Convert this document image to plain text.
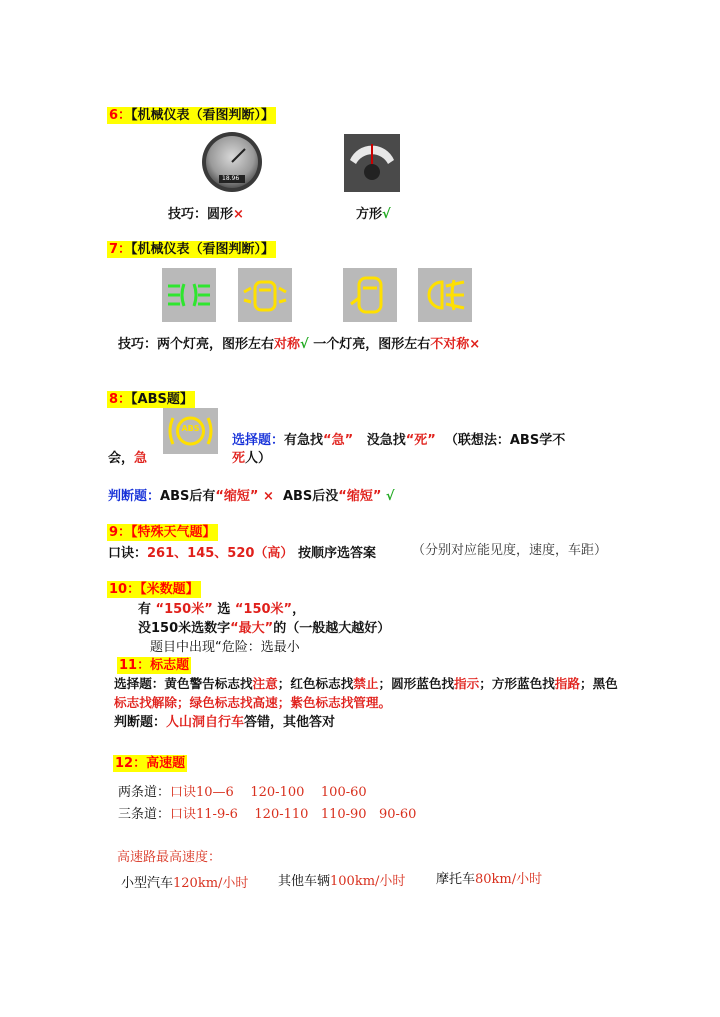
6：【机械仪表（看图判断）】
18.96
技巧：圆形×	方形√
7：【机械仪表（看图判断）】
技巧：两个灯亮，图形左右对称√ 一个灯亮，图形左右不对称×
8：【ABS题】
ABS
选择题：有急找“急” 没急找“死” （联想法：ABS学不
会，急	死人）
判断题：ABS后有“缩短” × ABS后没“缩短” √
9：【特殊天气题】
口诀：261、145、520（高） 按顺序选答案	（分别对应能见度，速度，车距）
10：【米数题】
有 “150米” 选 “150米”，
没150米选数字“最大”的（一般越大越好）
题目中出现“危险：选最小
11：标志题
选择题：黄色警告标志找注意；红色标志找禁止；圆形蓝色找指示；方形蓝色找指路；黑色
标志找解除；绿色标志找高速；紫色标志找管理。
判断题：人山洞自行车答错，其他答对
12：高速题
两条道：口诀10—6    120-100    100-60
三条道：口诀11-9-6    120-110   110-90   90-60
高速路最高速度：
小型汽车120km/小时 其他车辆100km/小时 摩托车80km/小时
